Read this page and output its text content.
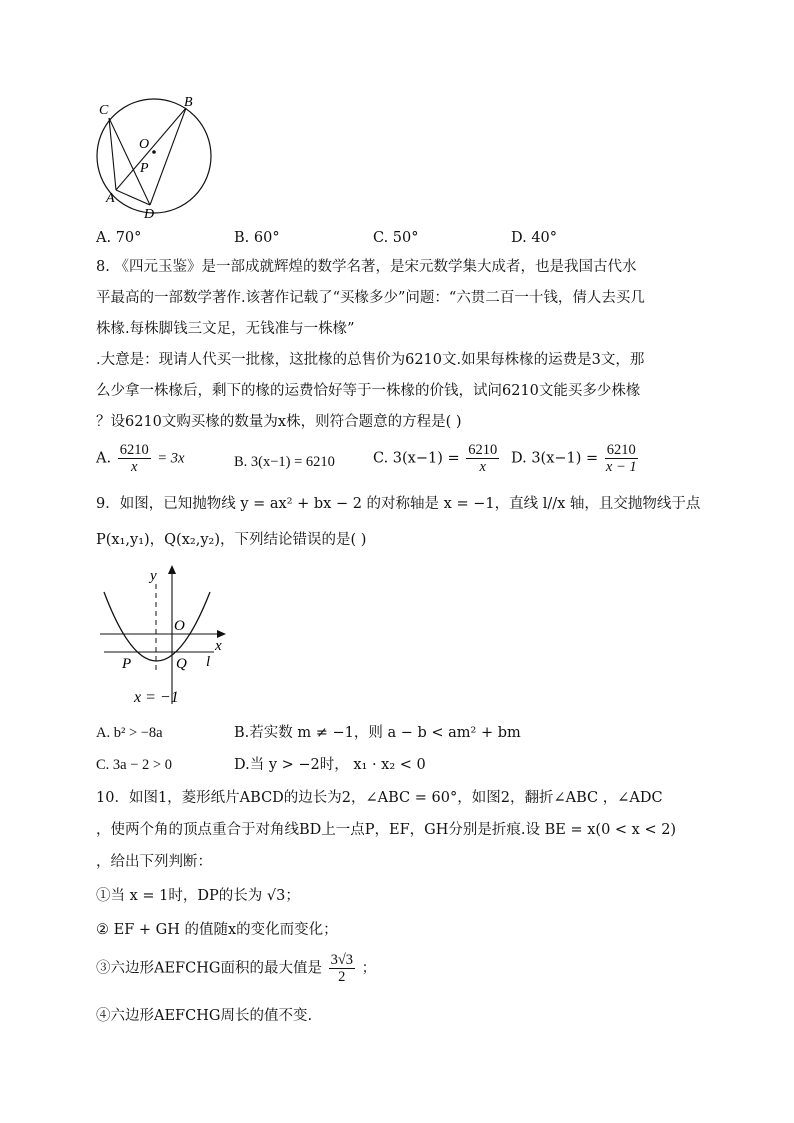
C
B
O
P
A
D
A. 70°	B. 60°	C. 50°	D. 40°
8. 《四元玉鉴》是一部成就辉煌的数学名著，是宋元数学集大成者，也是我国古代水
平最高的一部数学著作.该著作记载了“买椽多少”问题：“六贯二百一十钱，倩人去买几
株椽.每株脚钱三文足，无钱准与一株椽”
.大意是：现请人代买一批椽，这批椽的总售价为6210文.如果每株椽的运费是3文，那
么少拿一株椽后，剩下的椽的运费恰好等于一株椽的价钱，试问6210文能买多少株椽
？设6210文购买椽的数量为x株，则符合题意的方程是( )
A. $\frac{6210}{x} = 3x$	B. 3(x−1) = 6210	C. $3(x-1) = \frac{6210}{x} D$. $3(x-1) = \frac{6210}{x - 1}$
9．如图，已知抛物线 y = ax² + bx − 2 的对称轴是 x = −1，直线 l//x 轴，且交抛物线于点
P(x₁,y₁)，Q(x₂,y₂)，下列结论错误的是( )
y
x
O
P	Q l
x = −1
A. b² > −8a	B.若实数 m ≠ −1，则 a − b < am² + bm
C. 3a − 2 > 0	D.当 y > −2时， x₁ · x₂ < 0
10．如图1，菱形纸片ABCD的边长为2，∠ABC = 60°，如图2，翻折∠ABC ，∠ADC
，使两个角的顶点重合于对角线BD上一点P，EF，GH分别是折痕.设 BE = x(0 < x < 2)
，给出下列判断：
①当 x = 1时，DP的长为 √3；
② EF + GH 的值随x的变化而变化；
③六边形AEFCHG面积的最大值是 $\frac{3√3}{2}$ ；
④六边形AEFCHG周长的值不变.
